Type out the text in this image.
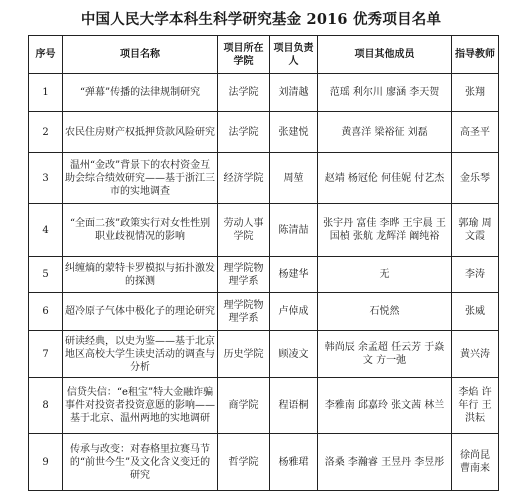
中国人民大学本科生科学研究基金 2016 优秀项目名单
序号	项目名称	项目所在学院	项目负责人	项目其他成员	指导教师
1	“弹幕”传播的法律规制研究	法学院	刘清越	范瑶 利尔川 廖涵 李天贺	张翔
2	农民住房财产权抵押贷款风险研究	法学院	张建悦	黄喜洋 梁裕征 刘磊	高圣平
3	温州“金改”背景下的农村资金互助会综合绩效研究——基于浙江三市的实地调查	经济学院	周堃	赵靖 杨冠伦 何佳妮 付艺杰	金乐琴
4	“全面二孩”政策实行对女性性别职业歧视情况的影响	劳动人事学院	陈清喆	张宇丹 富佳 李晔 王宇晨 王国楨 张航 龙辉洋 阚纯裕	郭瑜 周文霞
5	纠缠熵的蒙特卡罗模拟与拓扑激发的探测	理学院物理学系	杨建华	无	李涛
6	超冷原子气体中极化子的理论研究	理学院物理学系	卢倬成	石悦然	张威
7	研读经典，以史为鉴——基于北京地区高校大学生读史活动的调查与分析	历史学院	顾凌文	韩尚辰 余孟超 任云芳 于焱文 方一弛	黄兴涛
8	信贷失信：“e租宝”特大金融诈骗事件对投资者投资意愿的影响——基于北京、温州两地的实地调研	商学院	程语桐	李雅南 邱嘉玲 张文茜 林兰	李焰 许年行 王洪耘
9	传承与改变：对春格里拉赛马节的“前世今生”及文化含义变迁的研究	哲学院	杨雅珺	洛桑 李瀚睿 王昱丹 李昱彤	徐尚昆 曹南来
